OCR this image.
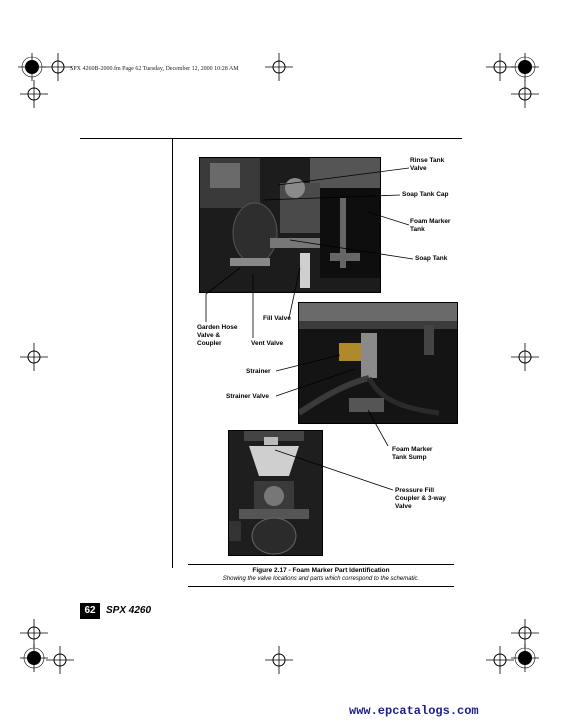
SPX 4260B-2000.fm Page 62 Tuesday, December 12, 2000 10:28 AM
Rinse Tank
Valve
Soap Tank Cap
Foam Marker
Tank
Soap Tank
Garden Hose
Valve &
Coupler
Fill Valve
Vent Valve
Strainer
Strainer Valve
Foam Marker
Tank Sump
Pressure Fill
Coupler & 3-way
Valve
Figure 2.17 - Foam Marker Part Identification
Showing the valve locations and parts which correspond to the schematic.
62	SPX 4260
www.epcatalogs.com
